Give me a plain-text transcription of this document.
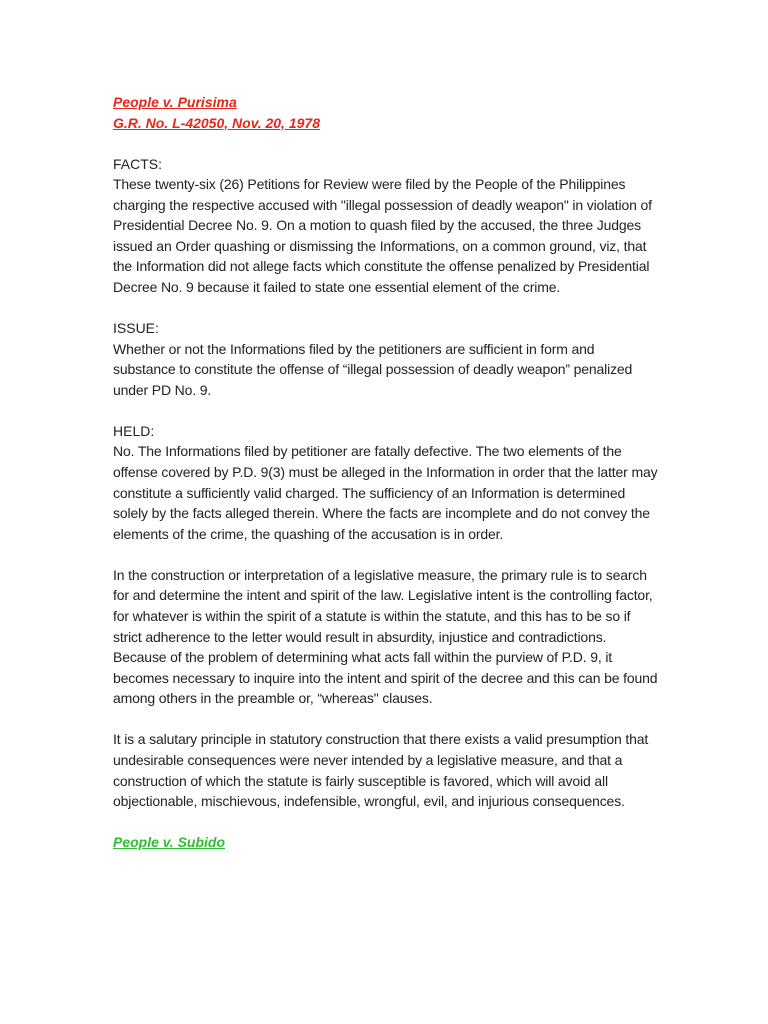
People v. Purisima
G.R. No. L-42050, Nov. 20, 1978

FACTS:

These twenty-six (26) Petitions for Review were filed by the People of the Philippines charging the respective accused with "illegal possession of deadly weapon" in violation of Presidential Decree No. 9. On a motion to quash filed by the accused, the three Judges issued an Order quashing or dismissing the Informations, on a common ground, viz, that the Information did not allege facts which constitute the offense penalized by Presidential Decree No. 9 because it failed to state one essential element of the crime.

ISSUE:

Whether or not the Informations filed by the petitioners are sufficient in form and substance to constitute the offense of “illegal possession of deadly weapon” penalized under PD No. 9.

HELD:

No. The Informations filed by petitioner are fatally defective. The two elements of the offense covered by P.D. 9(3) must be alleged in the Information in order that the latter may constitute a sufficiently valid charged. The sufficiency of an Information is determined solely by the facts alleged therein. Where the facts are incomplete and do not convey the elements of the crime, the quashing of the accusation is in order.

In the construction or interpretation of a legislative measure, the primary rule is to search for and determine the intent and spirit of the law. Legislative intent is the controlling factor, for whatever is within the spirit of a statute is within the statute, and this has to be so if strict adherence to the letter would result in absurdity, injustice and contradictions. Because of the problem of determining what acts fall within the purview of P.D. 9, it becomes necessary to inquire into the intent and spirit of the decree and this can be found among others in the preamble or, “whereas" clauses.

It is a salutary principle in statutory construction that there exists a valid presumption that undesirable consequences were never intended by a legislative measure, and that a construction of which the statute is fairly susceptible is favored, which will avoid all objectionable, mischievous, indefensible, wrongful, evil, and injurious consequences.

People v. Subido
